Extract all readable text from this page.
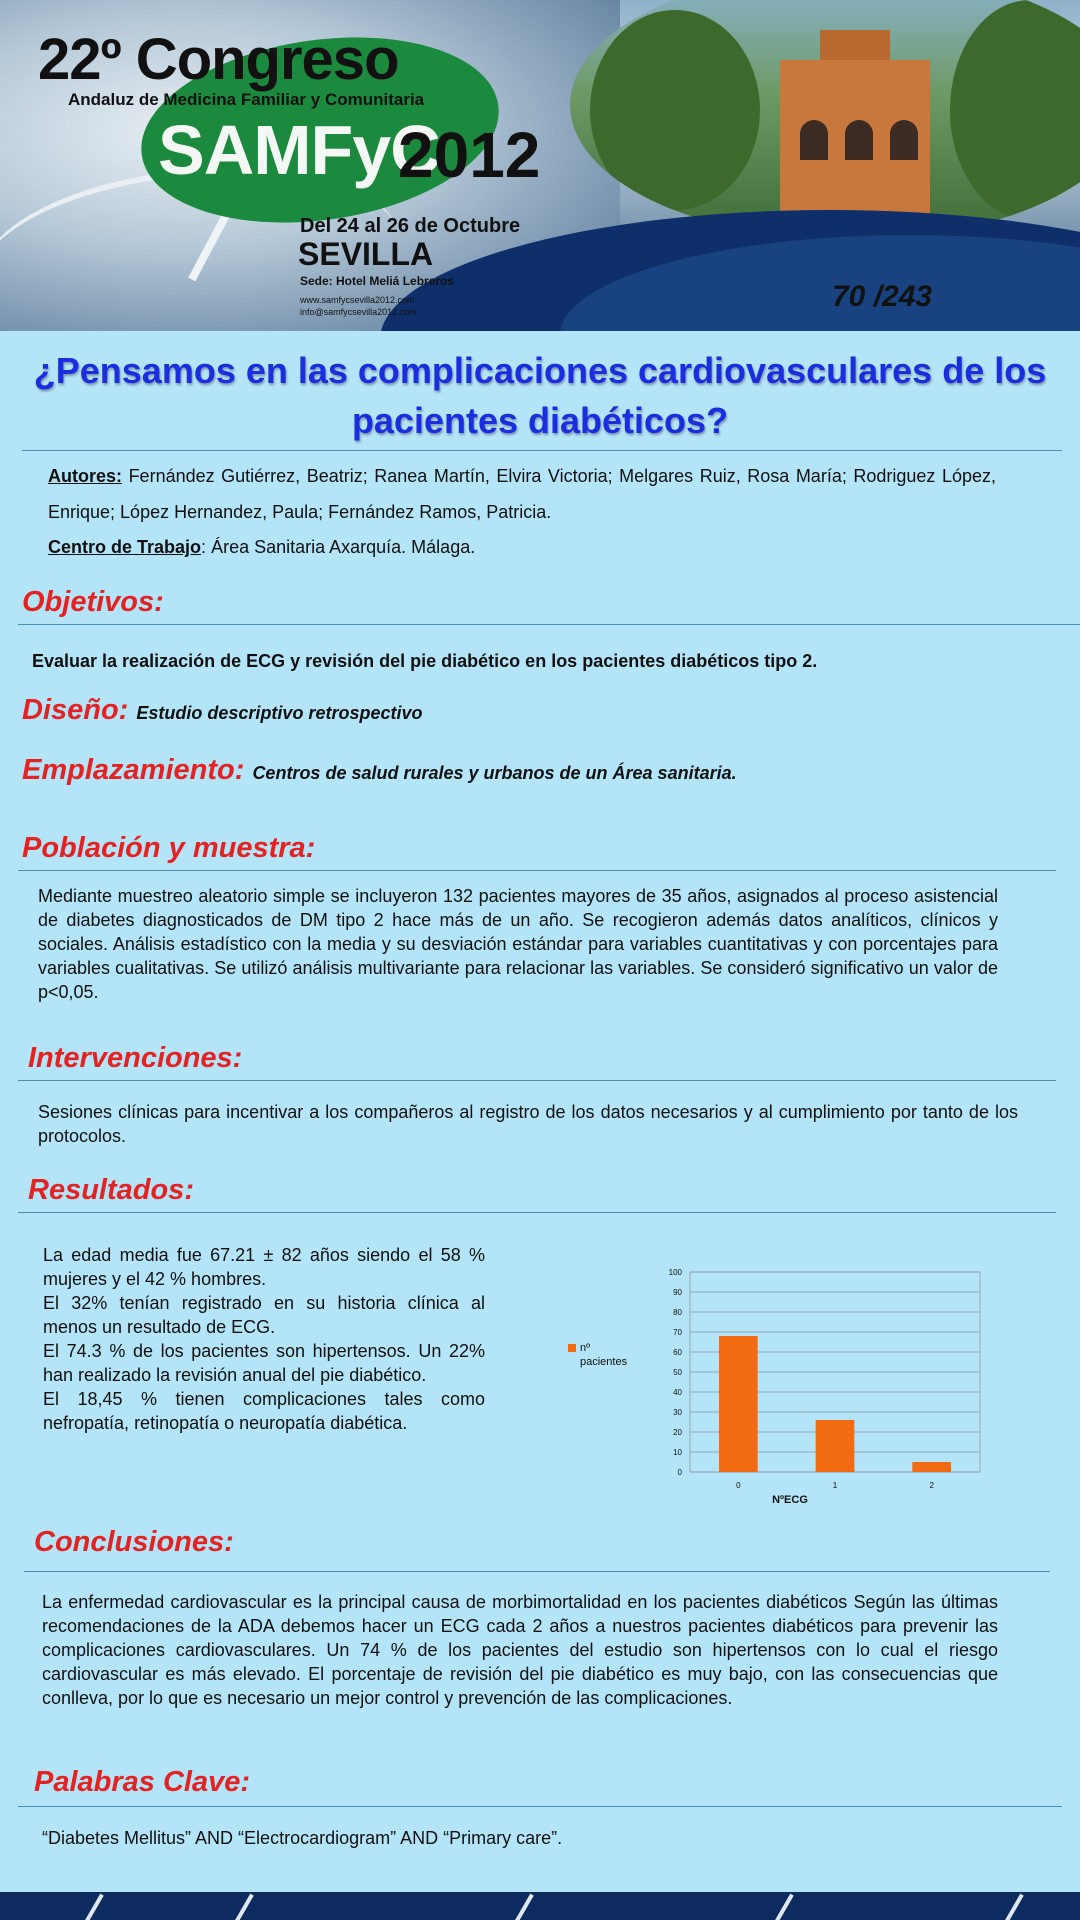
22º Congreso
Andaluz de Medicina Familiar y Comunitaria
SAMFyC
2012
Del 24 al 26 de Octubre
SEVILLA
Sede: Hotel Meliá Lebreros
www.samfycsevilla2012.com
info@samfycsevilla2012.com	70 /243
¿Pensamos en las complicaciones cardiovasculares de los pacientes diabéticos?
Autores: Fernández Gutiérrez, Beatriz; Ranea Martín, Elvira Victoria; Melgares Ruiz, Rosa María; Rodriguez López, Enrique; López Hernandez, Paula; Fernández Ramos, Patricia.
Centro de Trabajo: Área Sanitaria Axarquía. Málaga.
Objetivos:
Evaluar la realización de ECG y revisión del pie diabético en los pacientes diabéticos tipo 2.
Diseño: Estudio descriptivo retrospectivo
Emplazamiento: Centros de salud rurales y urbanos de un Área sanitaria.
Población y muestra:
Mediante muestreo aleatorio simple se incluyeron 132 pacientes mayores de 35 años, asignados al proceso asistencial de diabetes diagnosticados de DM tipo 2 hace más de un año. Se recogieron además datos analíticos, clínicos y sociales. Análisis estadístico con la media y su desviación estándar para variables cuantitativas y con porcentajes para variables cualitativas. Se utilizó análisis multivariante para relacionar las variables. Se consideró significativo un valor de p<0,05.
Intervenciones:
Sesiones clínicas para incentivar a los compañeros al registro de los datos necesarios y al cumplimiento por tanto de los protocolos.
Resultados:

La edad media fue 67.21 ± 82 años siendo el 58 % mujeres y el 42 % hombres.

El 32% tenían registrado en su historia clínica al menos un resultado de ECG.

El 74.3 % de los pacientes son hipertensos. Un 22% han realizado la revisión anual del pie diabético.

El 18,45 % tienen complicaciones tales como nefropatía, retinopatía o neuropatía diabética.

0
10
20
30
40
50
60
70
80
90
100
0	1	2
NºECG
nº
pacientes
Conclusiones:
La enfermedad cardiovascular es la principal causa de morbimortalidad en los pacientes diabéticos Según las últimas recomendaciones de la ADA debemos hacer un ECG cada 2 años a nuestros pacientes diabéticos para prevenir las complicaciones cardiovasculares. Un 74 % de los pacientes del estudio son hipertensos con lo cual el riesgo cardiovascular es más elevado. El porcentaje de revisión del pie diabético es muy bajo, con las consecuencias que conlleva, por lo que es necesario un mejor control y prevención de las complicaciones.
Palabras Clave:
“Diabetes Mellitus” AND “Electrocardiogram” AND “Primary care”.
